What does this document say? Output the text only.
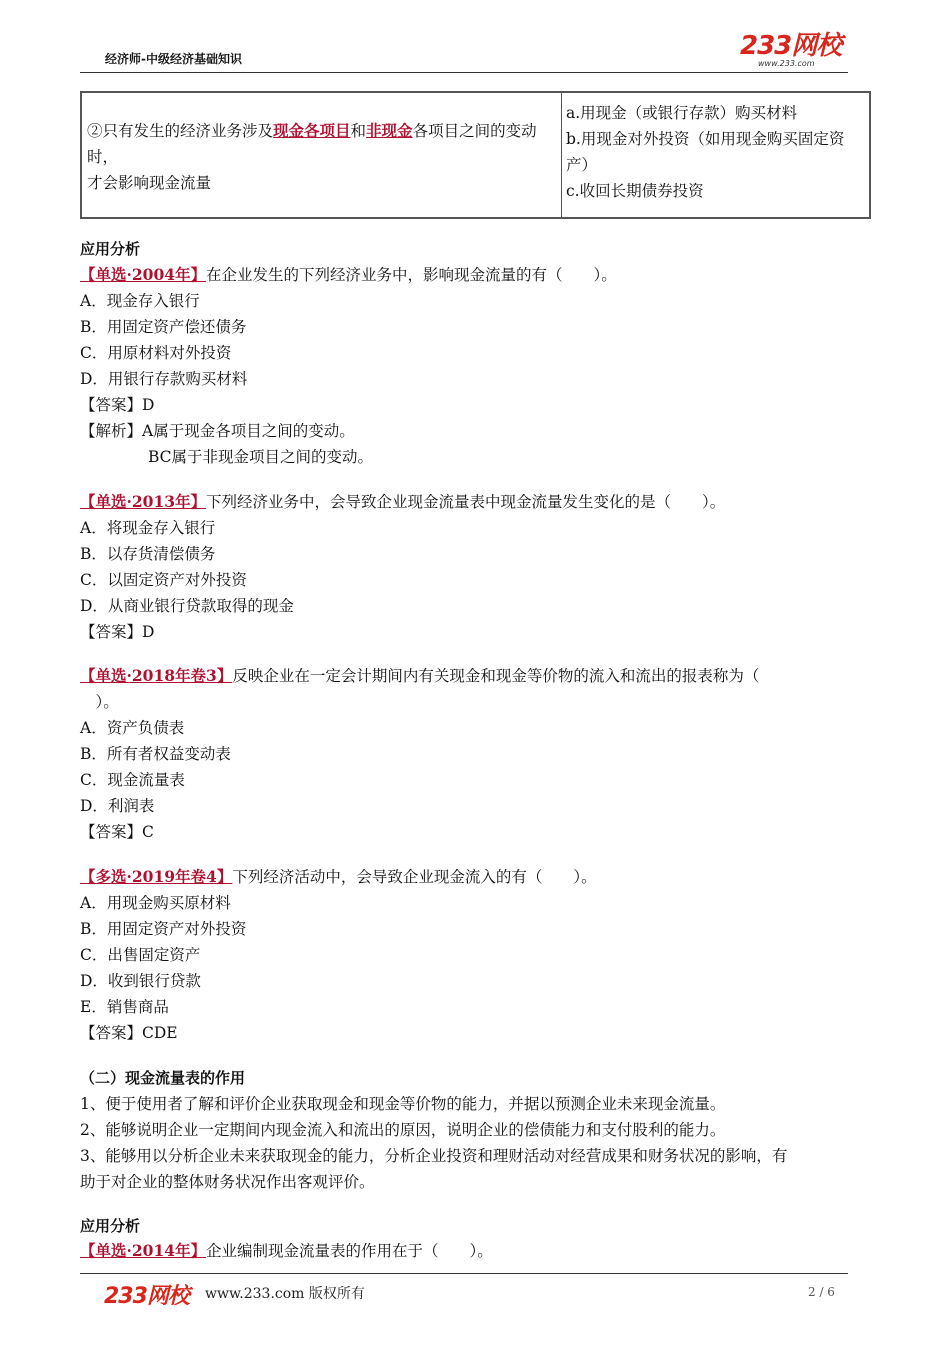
经济师-中级经济基础知识	233网校
www.233.com
②只有发生的经济业务涉及现金各项目和非现金各项目之间的变动时，
才会影响现金流量	
a.用现金（或银行存款）购买材料
b.用现金对外投资（如用现金购买固定资产）
c.收回长期债券投资
应用分析
【单选·2004年】在企业发生的下列经济业务中，影响现金流量的有（　　）。
A．现金存入银行
B．用固定资产偿还债务
C．用原材料对外投资
D．用银行存款购买材料
【答案】D
【解析】A属于现金各项目之间的变动。
BC属于非现金项目之间的变动。
【单选·2013年】下列经济业务中，会导致企业现金流量表中现金流量发生变化的是（　　）。
A．将现金存入银行
B．以存货清偿债务
C．以固定资产对外投资
D．从商业银行贷款取得的现金
【答案】D
【单选·2018年卷3】反映企业在一定会计期间内有关现金和现金等价物的流入和流出的报表称为（
　）。
A．资产负债表
B．所有者权益变动表
C．现金流量表
D．利润表
【答案】C
【多选·2019年卷4】下列经济活动中，会导致企业现金流入的有（　　）。
A．用现金购买原材料
B．用固定资产对外投资
C．出售固定资产
D．收到银行贷款
E．销售商品
【答案】CDE
（二）现金流量表的作用
1、便于使用者了解和评价企业获取现金和现金等价物的能力，并据以预测企业未来现金流量。
2、能够说明企业一定期间内现金流入和流出的原因，说明企业的偿债能力和支付股利的能力。
3、能够用以分析企业未来获取现金的能力，分析企业投资和理财活动对经营成果和财务状况的影响，有
助于对企业的整体财务状况作出客观评价。
应用分析
【单选·2014年】企业编制现金流量表的作用在于（　　）。
233网校 www.233.com 版权所有	2 / 6
